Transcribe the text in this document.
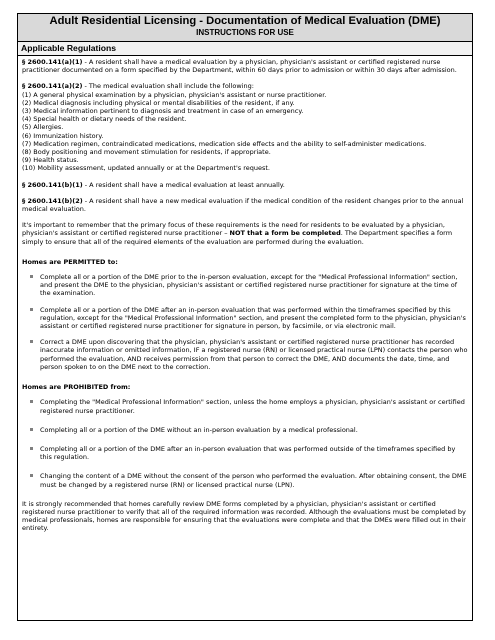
Adult Residential Licensing - Documentation of Medical Evaluation (DME)
INSTRUCTIONS FOR USE
Applicable Regulations

§ 2600.141(a)(1) - A resident shall have a medical evaluation by a physician, physician's assistant or certified registered nurse practitioner documented on a form specified by the Department, within 60 days prior to admission or within 30 days after admission.

§ 2600.141(a)(2) - The medical evaluation shall include the following:

(1) A general physical examination by a physician, physician's assistant or nurse practitioner.
(2) Medical diagnosis including physical or mental disabilities of the resident, if any.
(3) Medical information pertinent to diagnosis and treatment in case of an emergency.
(4) Special health or dietary needs of the resident.
(5) Allergies.
(6) Immunization history.
(7) Medication regimen, contraindicated medications, medication side effects and the ability to self-administer medications.
(8) Body positioning and movement stimulation for residents, if appropriate.
(9) Health status.
(10) Mobility assessment, updated annually or at the Department's request.

§ 2600.141(b)(1) - A resident shall have a medical evaluation at least annually.

§ 2600.141(b)(2) - A resident shall have a new medical evaluation if the medical condition of the resident changes prior to the annual medical evaluation.

It's important to remember that the primary focus of these requirements is the need for residents to be evaluated by a physician, physician's assistant or certified registered nurse practitioner – NOT that a form be completed. The Department specifies a form simply to ensure that all of the required elements of the evaluation are performed during the evaluation.

Homes are PERMITTED to:
Complete all or a portion of the DME prior to the in-person evaluation, except for the "Medical Professional Information" section, and present the DME to the physician, physician's assistant or certified registered nurse practitioner for signature at the time of the examination.
Complete all or a portion of the DME after an in-person evaluation that was performed within the timeframes specified by this regulation, except for the "Medical Professional Information" section, and present the completed form to the physician, physician's assistant or certified registered nurse practitioner for signature in person, by facsimile, or via electronic mail.
Correct a DME upon discovering that the physician, physician's assistant or certified registered nurse practitioner has recorded inaccurate information or omitted information, IF a registered nurse (RN) or licensed practical nurse (LPN) contacts the person who performed the evaluation, AND receives permission from that person to correct the DME, AND documents the date, time, and person spoken to on the DME next to the correction.
Homes are PROHIBITED from:
Completing the "Medical Professional Information" section, unless the home employs a physician, physician's assistant or certified registered nurse practitioner.
Completing all or a portion of the DME without an in-person evaluation by a medical professional.
Completing all or a portion of the DME after an in-person evaluation that was performed outside of the timeframes specified by this regulation.
Changing the content of a DME without the consent of the person who performed the evaluation. After obtaining consent, the DME must be changed by a registered nurse (RN) or licensed practical nurse (LPN).

It is strongly recommended that homes carefully review DME forms completed by a physician, physician's assistant or certified registered nurse practitioner to verify that all of the required information was recorded. Although the evaluations must be completed by medical professionals, homes are responsible for ensuring that the evaluations were complete and that the DMEs were filled out in their entirety.
